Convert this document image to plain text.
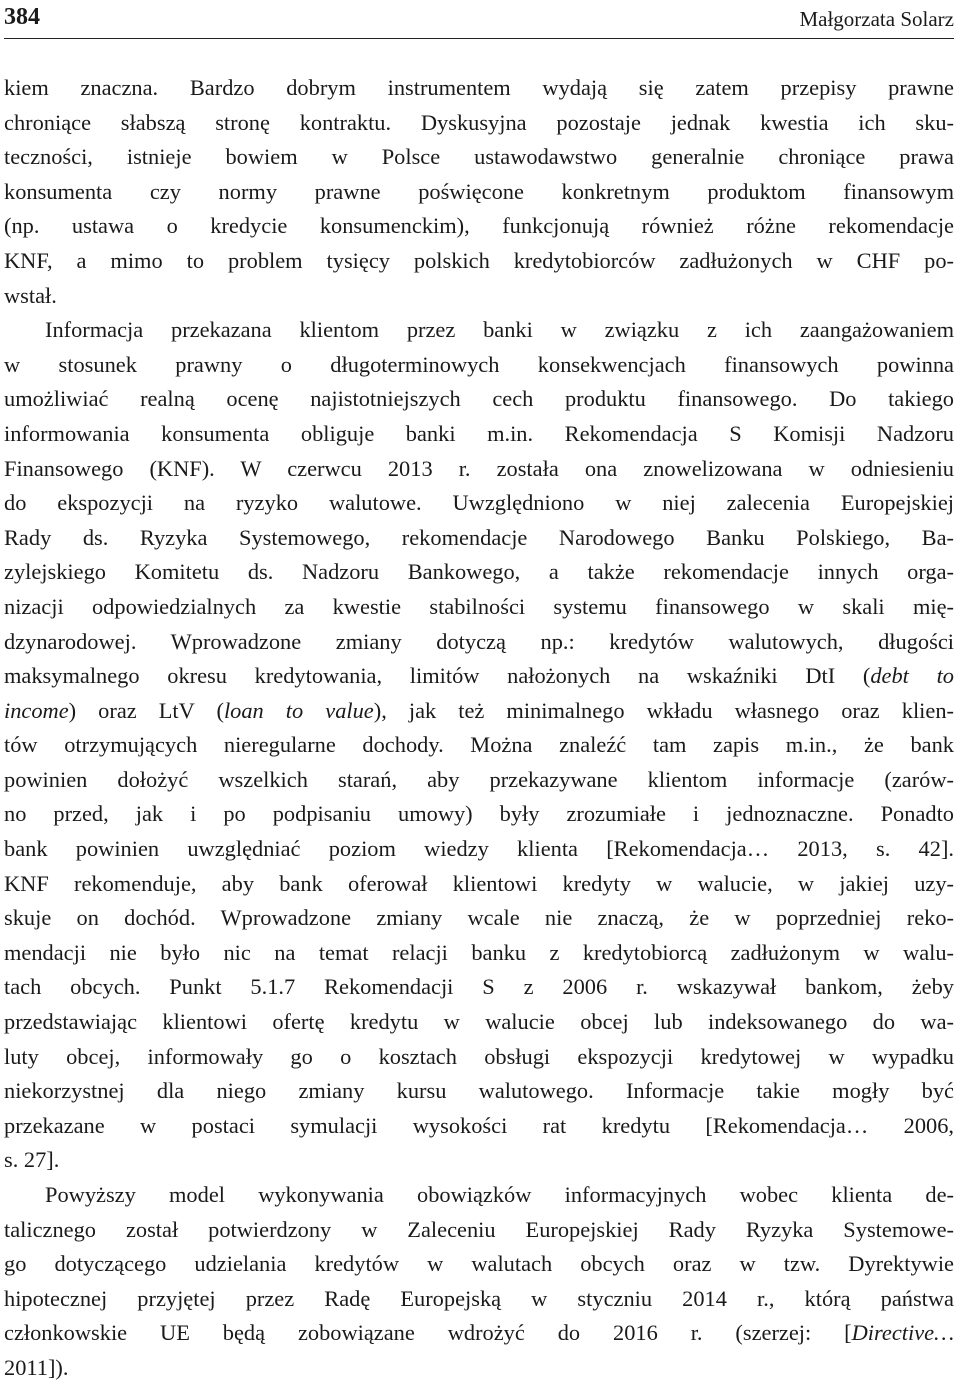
384	Małgorzata Solarz
kiem znaczna. Bardzo dobrym instrumentem wydają się zatem przepisy prawne
chroniące słabszą stronę kontraktu. Dyskusyjna pozostaje jednak kwestia ich sku-
teczności, istnieje bowiem w Polsce ustawodawstwo generalnie chroniące prawa
konsumenta czy normy prawne poświęcone konkretnym produktom finansowym
(np. ustawa o kredycie konsumenckim), funkcjonują również różne rekomendacje
KNF, a mimo to problem tysięcy polskich kredytobiorców zadłużonych w CHF po-
wstał.
Informacja przekazana klientom przez banki w związku z ich zaangażowaniem
w stosunek prawny o długoterminowych konsekwencjach finansowych powinna
umożliwiać realną ocenę najistotniejszych cech produktu finansowego. Do takiego
informowania konsumenta obliguje banki m.in. Rekomendacja S Komisji Nadzoru
Finansowego (KNF). W czerwcu 2013 r. została ona znowelizowana w odniesieniu
do ekspozycji na ryzyko walutowe. Uwzględniono w niej zalecenia Europejskiej
Rady ds. Ryzyka Systemowego, rekomendacje Narodowego Banku Polskiego, Ba-
zylejskiego Komitetu ds. Nadzoru Bankowego, a także rekomendacje innych orga-
nizacji odpowiedzialnych za kwestie stabilności systemu finansowego w skali mię-
dzynarodowej. Wprowadzone zmiany dotyczą np.: kredytów walutowych, długości
maksymalnego okresu kredytowania, limitów nałożonych na wskaźniki DtI (debt to
income) oraz LtV (loan to value), jak też minimalnego wkładu własnego oraz klien-
tów otrzymujących nieregularne dochody. Można znaleźć tam zapis m.in., że bank
powinien dołożyć wszelkich starań, aby przekazywane klientom informacje (zarów-
no przed, jak i po podpisaniu umowy) były zrozumiałe i jednoznaczne. Ponadto
bank powinien uwzględniać poziom wiedzy klienta [Rekomendacja… 2013, s. 42].
KNF rekomenduje, aby bank oferował klientowi kredyty w walucie, w jakiej uzy-
skuje on dochód. Wprowadzone zmiany wcale nie znaczą, że w poprzedniej reko-
mendacji nie było nic na temat relacji banku z kredytobiorcą zadłużonym w walu-
tach obcych. Punkt 5.1.7 Rekomendacji S z 2006 r. wskazywał bankom, żeby
przedstawiając klientowi ofertę kredytu w walucie obcej lub indeksowanego do wa-
luty obcej, informowały go o kosztach obsługi ekspozycji kredytowej w wypadku
niekorzystnej dla niego zmiany kursu walutowego. Informacje takie mogły być
przekazane w postaci symulacji wysokości rat kredytu [Rekomendacja… 2006,
s. 27].
Powyższy model wykonywania obowiązków informacyjnych wobec klienta de-
talicznego został potwierdzony w Zaleceniu Europejskiej Rady Ryzyka Systemowe-
go dotyczącego udzielania kredytów w walutach obcych oraz w tzw. Dyrektywie
hipotecznej przyjętej przez Radę Europejską w styczniu 2014 r., którą państwa
członkowskie UE będą zobowiązane wdrożyć do 2016 r. (szerzej: [Directive…
2011]).
